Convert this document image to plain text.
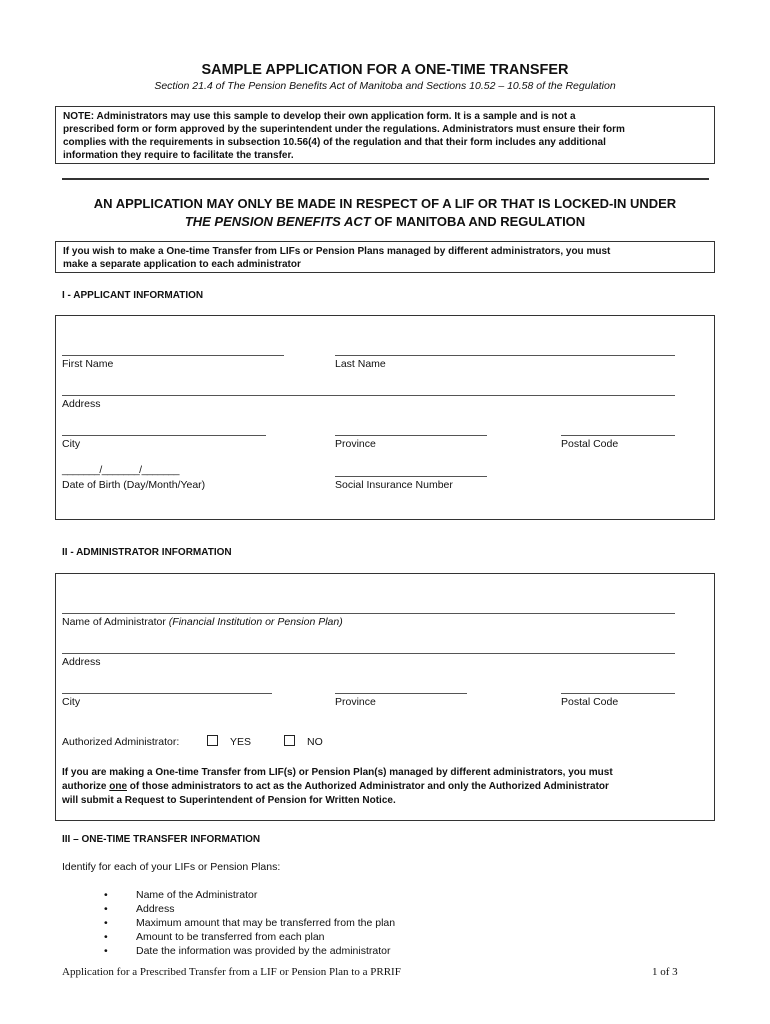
SAMPLE APPLICATION FOR A ONE-TIME TRANSFER
Section 21.4 of The Pension Benefits Act of Manitoba and Sections 10.52 – 10.58 of the Regulation
NOTE: Administrators may use this sample to develop their own application form. It is a sample and is not a
prescribed form or form approved by the superintendent under the regulations. Administrators must ensure their form
complies with the requirements in subsection 10.56(4) of the regulation and that their form includes any additional
information they require to facilitate the transfer.
AN APPLICATION MAY ONLY BE MADE IN RESPECT OF A LIF OR THAT IS LOCKED-IN UNDER
THE PENSION BENEFITS ACT OF MANITOBA AND REGULATION
If you wish to make a One-time Transfer from LIFs or Pension Plans managed by different administrators, you must
make a separate application to each administrator
I - APPLICANT INFORMATION
First Name	Last Name
Address
City	Province	Postal Code
_______/_______/_______
Date of Birth (Day/Month/Year)	Social Insurance Number
II - ADMINISTRATOR INFORMATION
Name of Administrator (Financial Institution or Pension Plan)
Address
City	Province	Postal Code
Authorized Administrator:	YES	NO
If you are making a One-time Transfer from LIF(s) or Pension Plan(s) managed by different administrators, you must
authorize one of those administrators to act as the Authorized Administrator and only the Authorized Administrator
will submit a Request to Superintendent of Pension for Written Notice.
III – ONE-TIME TRANSFER INFORMATION
Identify for each of your LIFs or Pension Plans:
• Name of the Administrator
• Address
• Maximum amount that may be transferred from the plan
• Amount to be transferred from each plan
• Date the information was provided by the administrator
Application for a Prescribed Transfer from a LIF or Pension Plan to a PRRIF	1 of 3
